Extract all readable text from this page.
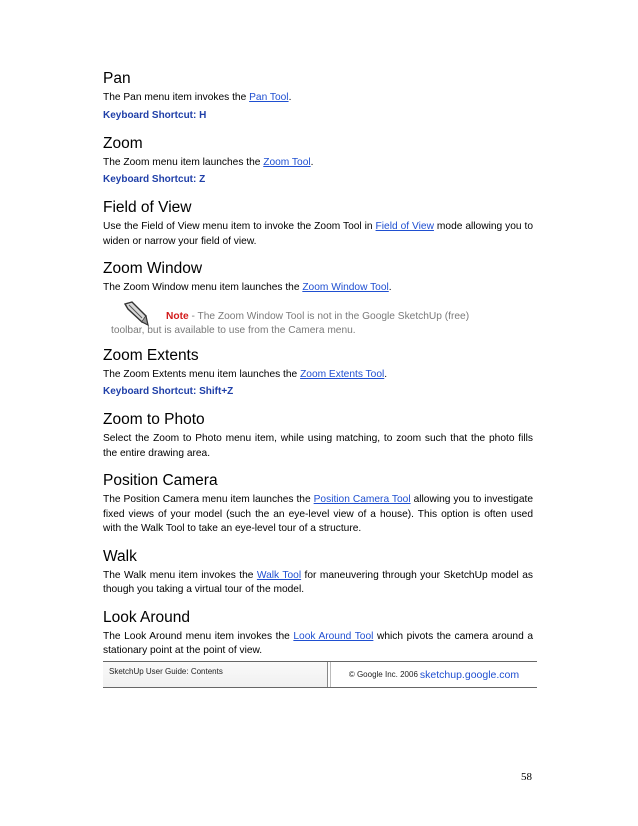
Pan

The Pan menu item invokes the Pan Tool.

Keyboard Shortcut: H
Zoom

The Zoom menu item launches the Zoom Tool.

Keyboard Shortcut: Z
Field of View

Use the Field of View menu item to invoke the Zoom Tool in Field of View mode allowing you to widen or narrow your field of view.

Zoom Window

The Zoom Window menu item launches the Zoom Window Tool.

Note - The Zoom Window Tool is not in the Google SketchUp (free)
toolbar, but is available to use from the Camera menu.
Zoom Extents

The Zoom Extents menu item launches the Zoom Extents Tool.

Keyboard Shortcut: Shift+Z
Zoom to Photo

Select the Zoom to Photo menu item, while using matching, to zoom such that the photo fills the entire drawing area.

Position Camera

The Position Camera menu item launches the Position Camera Tool allowing you to investigate fixed views of your model (such the an eye-level view of a house). This option is often used with the Walk Tool to take an eye-level tour of a structure.

Walk

The Walk menu item invokes the Walk Tool for maneuvering through your SketchUp model as though you taking a virtual tour of the model.

Look Around

The Look Around menu item invokes the Look Around Tool which pivots the camera around a stationary point at the point of view.

SketchUp User Guide: Contents	© Google Inc. 2006 sketchup.google.com
58
